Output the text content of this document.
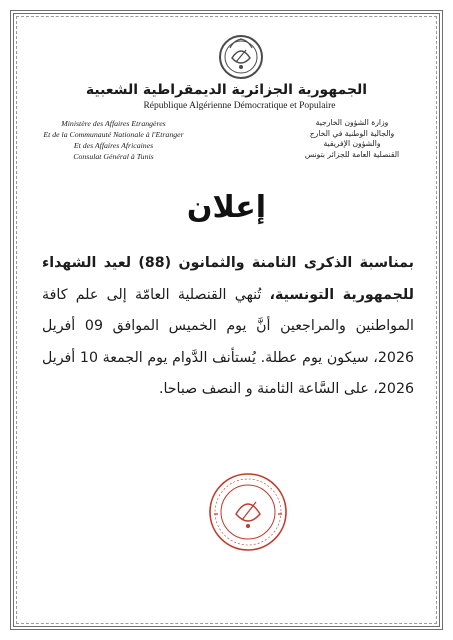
الجمهورية الجزائرية الديمقراطية الشعبية
République Algérienne Démocratique et Populaire
Ministère des Affaires Etrangères
Et de la Communauté Nationale à l'Etranger
Et des Affaires Africaines
Consulat Général à Tunis
وزارة الشؤون الخارجية
والجالية الوطنية في الخارج
والشؤون الإفريقية
القنصلية العامة للجزائر بتونس
إعلان
بمناسبة الذكرى الثامنة والثمانون (88) لعيد الشهداء للجمهورية التونسية، تُنهي القنصلية العامّة إلى علم كافة المواطنين والمراجعين أنَّ يوم الخميس الموافق 09 أفريل 2026، سيكون يوم عطلة. يُستأنف الدَّوام يوم الجمعة 10 أفريل 2026، على السَّاعة الثامنة و النصف صباحا.
